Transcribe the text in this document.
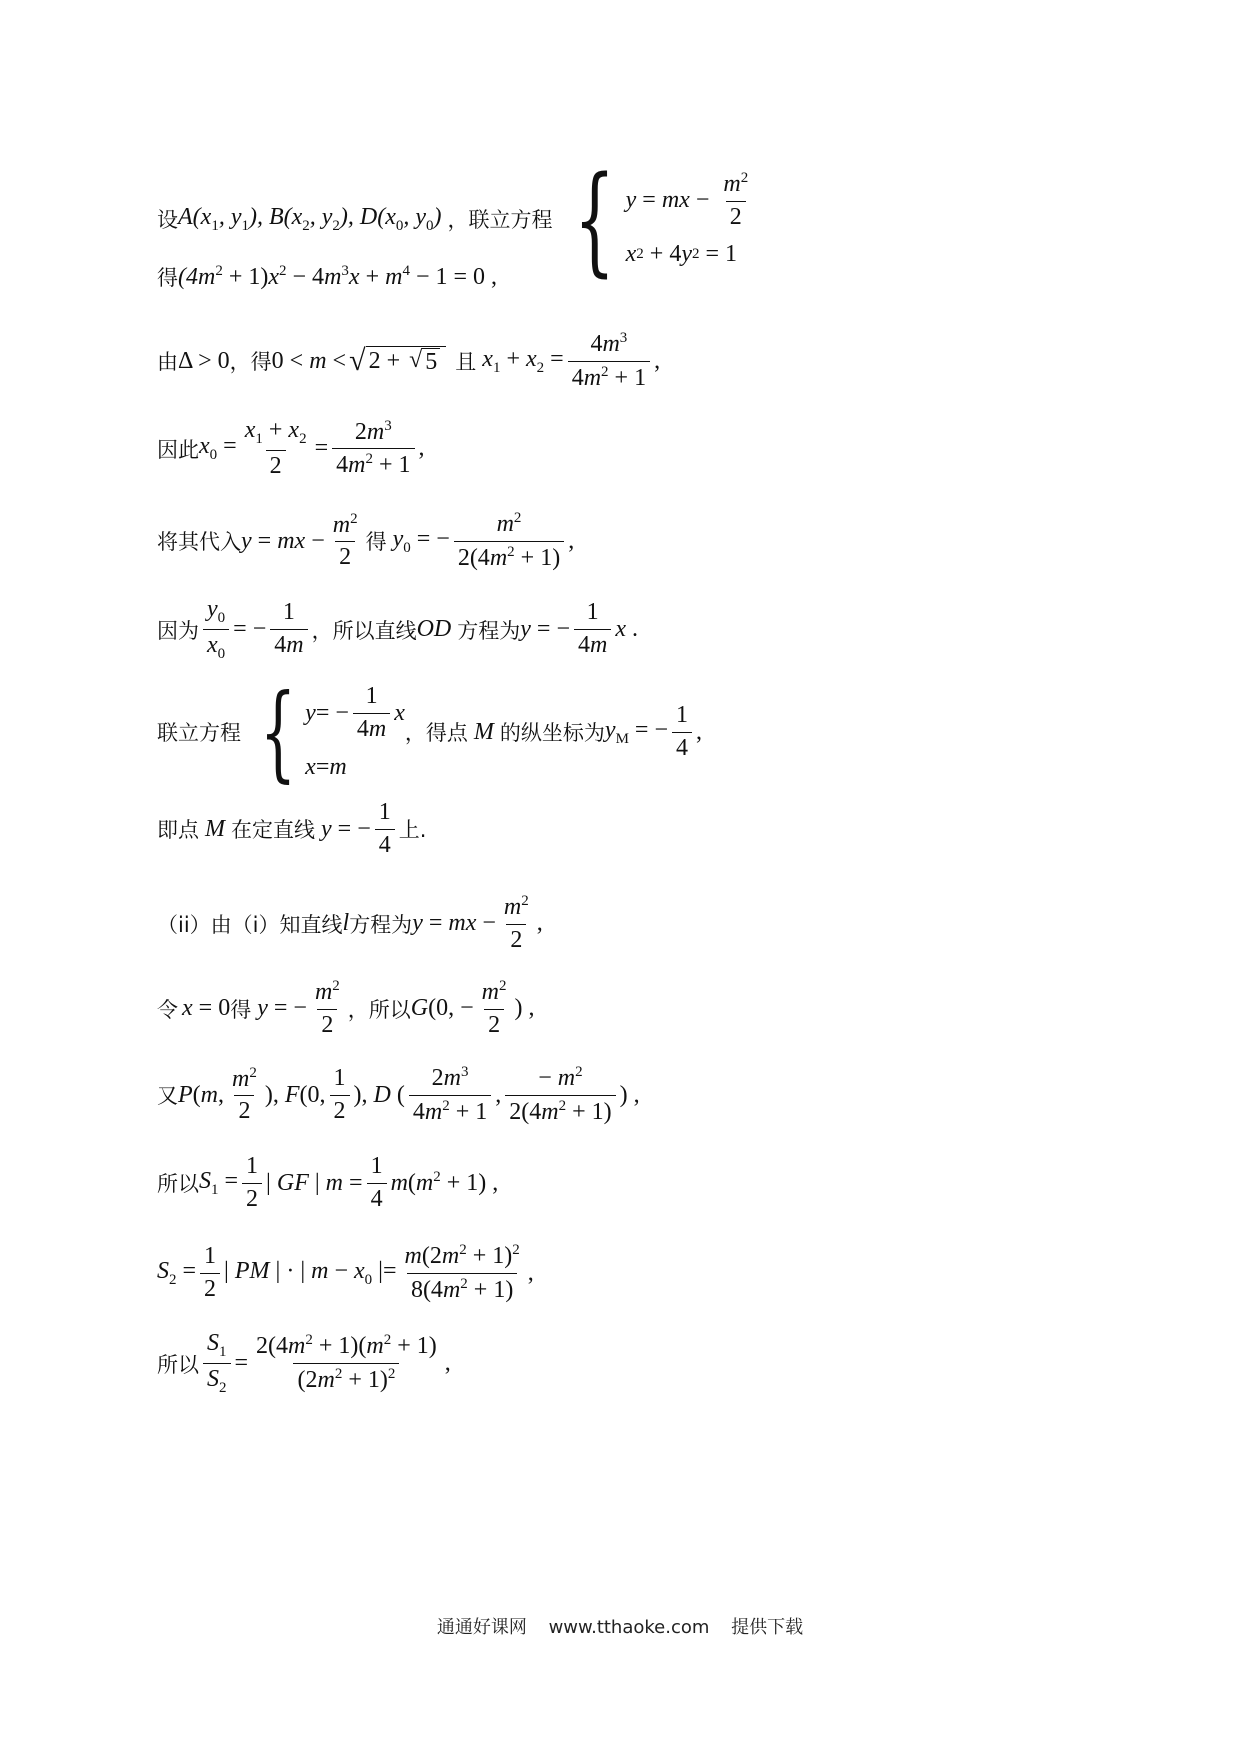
设 $A(x_1$, $y_1$), $B(x_2$, $y_2$), $D(x_0$, $y_0$) ，联立方程 { y = mx − $\frac{m^2}{2}$
x 2 + 4 y 2 = 1
得 $(4m^2 + 1)x^2 - 4m^3x + m^4 - 1 = 0$ ,
由 Δ > 0 ，得 0 < m < √ 2 + √ 5 且 $x_1 + x_2 = \frac{4m^3}{4m^2 + 1}$ ,
因此 $x_0 = \frac{x_1 + x_2}{2} = \frac{2m^3}{4m^2 + 1}$ ,
将其代入 y = mx − $\frac{m^2}{2}$ 得 $y_0$ = − $\frac{m^2}{2(4m^2 + 1)}$ ,
因为 $\frac{y_0}{x_0}$ = − $\frac{1}{4m}$ ，所以直线 OD 方程为 y = − $\frac{1}{4m}$ x .
联立方程 { y = − $\frac{1}{4m}$ x
x = m
，得点 M 的纵坐标为 $y_M$ = − $\frac{1}{4}$ ,
即点 M 在定直线 y = − $\frac{1}{4}$ 上.
（ii）由（i）知直线 l 方程为 y = mx − $\frac{m^2}{2}$ ,
令 x = 0 得 y = − $\frac{m^2}{2}$ ，所以 G(0, − $\frac{m^2}{2}$ ) ,
又 P(m, $\frac{m^2}{2}$ ), F(0, $\frac{1}{2}$ ), D ( $\frac{2m^3}{4m^2 + 1}$ , $\frac{- m^2}{2(4m^2 + 1)}$ ) ,
所以 $S_1 = \frac{1}{2}$ | GF | $m = \frac{1}{4} m(m^2 + 1)$ ,
$S_2 = \frac{1}{2}$ | PM | · | $m - x_0$ |= $\frac{m(2m^2 + 1)^2}{8(4m^2 + 1)}$ ,
所以 $\frac{S_1}{S_2} = \frac{2(4m^2 + 1)(m^2 + 1)}{(2m^2 + 1)^2}$ ,
通通好课网 www.tthaoke.com 提供下载
